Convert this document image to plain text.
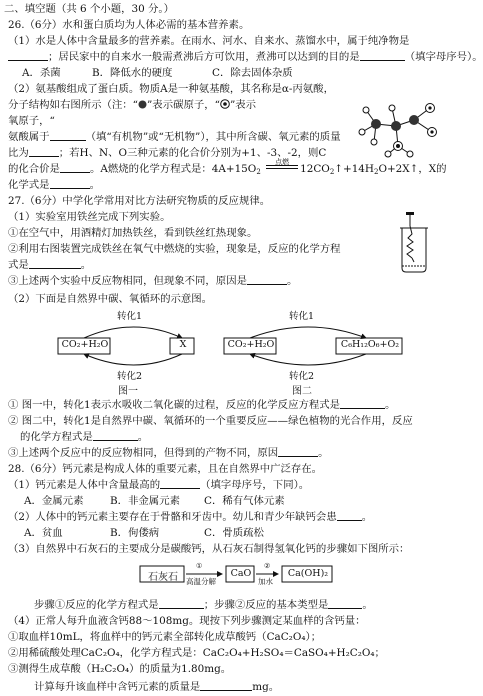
二、填空题（共 6 个小题，30 分。）
26.（6分）水和蛋白质均为人体必需的基本营养素。
（1）水是人体中含量最多的营养素。在雨水、河水、自来水、蒸馏水中，属于纯净物是
；居民家中的自来水一般需煮沸后方可饮用，煮沸可以达到的目的是	（填字母序号）。
A．杀菌	B．降低水的硬度	C．除去固体杂质
（2）氨基酸组成了蛋白质。物质A是一种氨基酸，其名称是α-丙氨酸，
分子结构如右图所示（注：“ ”表示碳原子，“ ”表示
氧原子，“
氨酸属于	（填“有机物”或“无机物”），其中所含碳、氧元素的质量
比为	；若H、N、O三种元素的化合价分别为+1、-3、-2，则C
的化合价是	。A燃烧的化学方程式是：$4A+15O_2$
点燃
$12CO_2↑+14H_2O+2X↑$，X的
化学式是	。
27.（6分）中学化学常用对比方法研究物质的反应规律。
（1）实验室用铁丝完成下列实验。
①在空气中，用酒精灯加热铁丝，看到铁丝红热现象。
②利用右图装置完成铁丝在氧气中燃烧的实验，现象是，反应的化学方程
式是	。
③上述两个实验中反应物相同，但现象不同，原因是	。
（2）下面是自然界中碳、氧循环的示意图。
CO₂+H₂O	X
转化1
转化2
图一
CO₂+H₂O	C₆H₁₂O₆+O₂
转化1
转化2
图二
① 图一中，转化1表示水吸收二氧化碳的过程，反应的化学反应方程式是	。
② 图二中，转化1是自然界中碳、氧循环的一个重要反应——绿色植物的光合作用，反应
的化学方程式是	。
③上述两个反应中的反应物相同，但得到的产物不同，原因	。
28.（6分）钙元素是构成人体的重要元素，且在自然界中广泛存在。
（1）钙元素是人体中含量最高的	（填字母序号，下同）。
A．金属元素	B．非金属元素 C．稀有气体元素
（2）人体中的钙元素主要存在于骨骼和牙齿中。幼儿和青少年缺钙会患 。
A．贫血	B．佝偻病	C．骨质疏松
（3）自然界中石灰石的主要成分是碳酸钙，从石灰石制得氢氧化钙的步骤如下图所示：
石灰石
①
高温分解
CaO
②
加水
Ca(OH)₂
步骤①反应的化学方程式是	；步骤②反应的基本类型是	。
（4）正常人每升血液含钙88～108mg。现按下列步骤测定某血样的含钙量：
①取血样10mL，将血样中的钙元素全部转化成草酸钙（CaC₂O₄）；
②用稀硫酸处理CaC₂O₄，化学方程式是：CaC₂O₄+H₂SO₄＝CaSO₄+H₂C₂O₄；
③测得生成草酸（H₂C₂O₄）的质量为1.80mg。
计算每升该血样中含钙元素的质量是	mg。
